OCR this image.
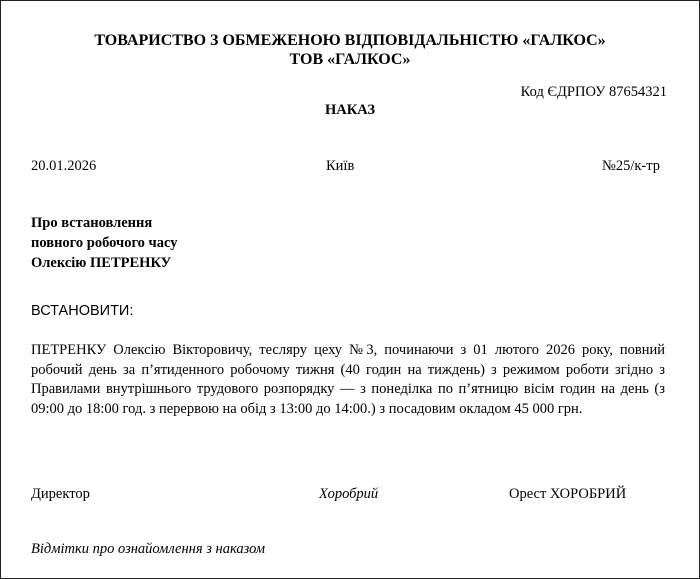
ТОВАРИСТВО З ОБМЕЖЕНОЮ ВІДПОВІДАЛЬНІСТЮ «ГАЛКОС»
ТОВ «ГАЛКОС»
Код ЄДРПОУ 87654321
НАКАЗ
20.01.2026	Київ	№25/к-тр
Про встановлення
повного робочого часу
Олексію ПЕТРЕНКУ
ВСТАНОВИТИ:
ПЕТРЕНКУ Олексію Вікторовичу, тесляру цеху №3, починаючи з 01 лютого 2026 року, повний робочий день за п’ятиденного робочому тижня (40 годин на тиждень) з режимом роботи згідно з Правилами внутрішнього трудового розпорядку — з понеділка по п’ятницю вісім годин на день (з 09:00 до 18:00 год. з перервою на обід з 13:00 до 14:00.) з посадовим окладом 45 000 грн.
Директор	Хоробрий	Орест ХОРОБРИЙ
Відмітки про ознайомлення з наказом
